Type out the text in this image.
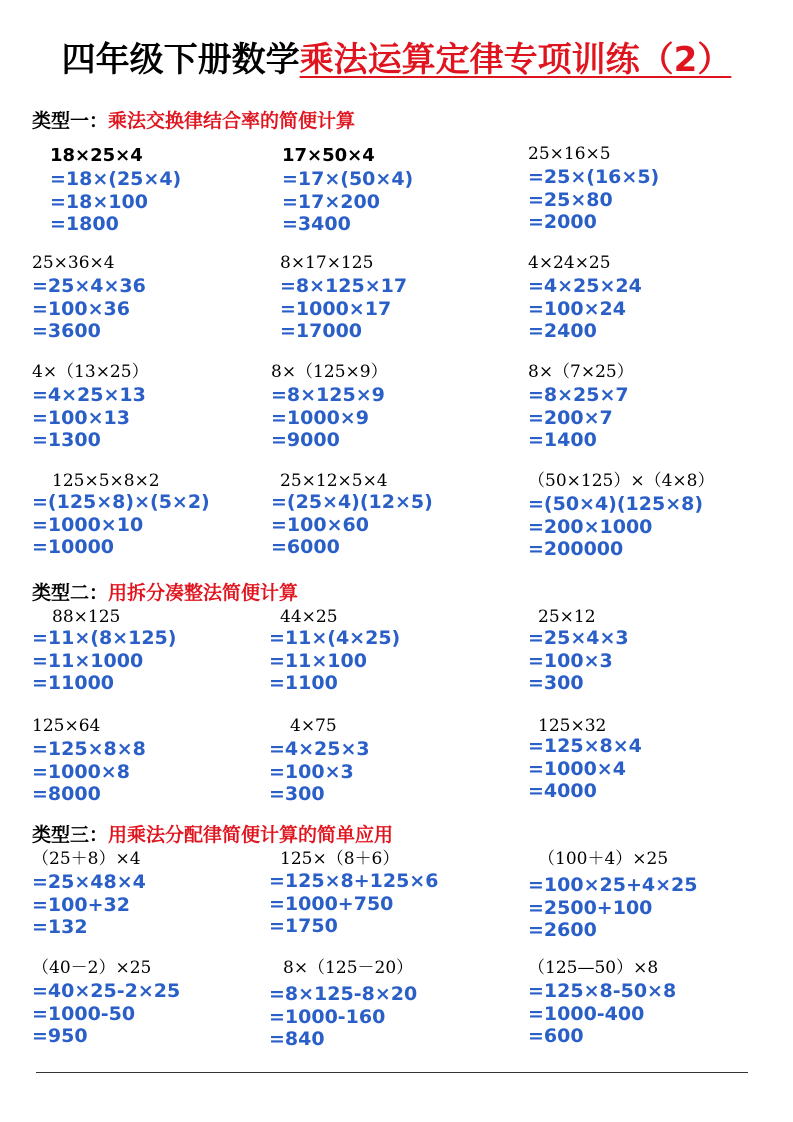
四年级下册数学乘法运算定律专项训练（2）
类型一：乘法交换律结合率的简便计算
类型二：用拆分凑整法简便计算
类型三：用乘法分配律简便计算的简单应用
18×25×4
=18×(25×4)
=18×100
=1800
17×50×4
=17×(50×4)
=17×200
=3400
25×16×5
=25×(16×5)
=25×80
=2000
25×36×4
=25×4×36
=100×36
=3600
8×17×125
=8×125×17
=1000×17
=17000
4×24×25
=4×25×24
=100×24
=2400
4×（13×25）
=4×25×13
=100×13
=1300
8×（125×9）
=8×125×9
=1000×9
=9000
8×（7×25）
=8×25×7
=200×7
=1400
125×5×8×2
=(125×8)×(5×2)
=1000×10
=10000
25×12×5×4
=(25×4)(12×5)
=100×60
=6000
（50×125）×（4×8）
=(50×4)(125×8)
=200×1000
=200000
88×125
=11×(8×125)
=11×1000
=11000
44×25
=11×(4×25)
=11×100
=1100
25×12
=25×4×3
=100×3
=300
125×64
=125×8×8
=1000×8
=8000
4×75
=4×25×3
=100×3
=300
125×32
=125×8×4
=1000×4
=4000
（25＋8）×4
=25×48×4
=100+32
=132
125×（8＋6）
=125×8+125×6
=1000+750
=1750
（100＋4）×25
=100×25+4×25
=2500+100
=2600
（40－2）×25
=40×25-2×25
=1000-50
=950
8×（125－20）
=8×125-8×20
=1000-160
=840
（125—50）×8
=125×8-50×8
=1000-400
=600
